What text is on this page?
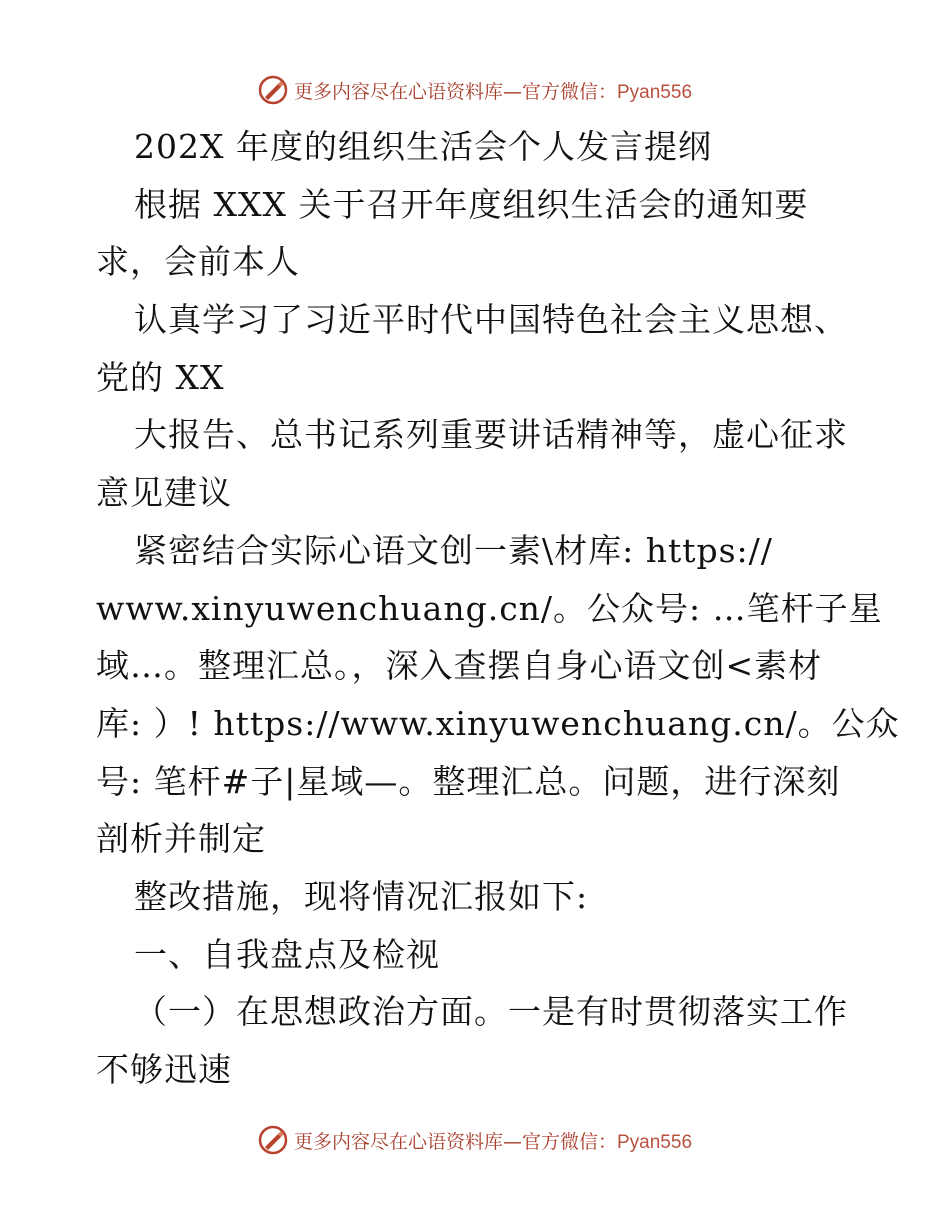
更多内容尽在心语资料库—官方微信：Pyan556
202X 年度的组织生活会个人发言提纲
根据 XXX 关于召开年度组织生活会的通知要
求，会前本人
认真学习了习近平时代中国特色社会主义思想、
党的 XX
大报告、总书记系列重要讲话精神等，虚心征求
意见建议
紧密结合实际心语文创一素\材库: https://
www.xinyuwenchuang.cn/。公众号: …笔杆子星
域…。整理汇总。，深入查摆自身心语文创<素材
库: ）! https://www.xinyuwenchuang.cn/。公众
号: 笔杆#子|星域—。整理汇总。问题，进行深刻
剖析并制定
整改措施，现将情况汇报如下:
一、自我盘点及检视
（一）在思想政治方面。一是有时贯彻落实工作
不够迅速
更多内容尽在心语资料库—官方微信：Pyan556
